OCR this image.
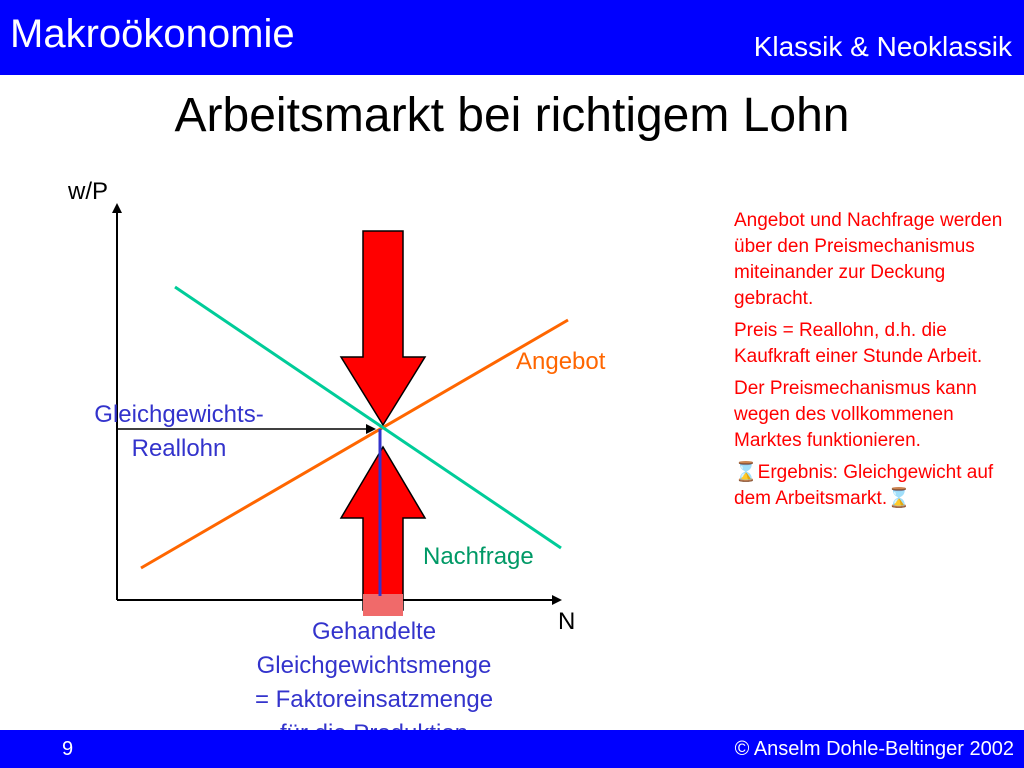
Makroökonomie	Klassik & Neoklassik
Arbeitsmarkt bei richtigem Lohn
w/P
N
Angebot
Nachfrage
Gleichgewichts-
Reallohn
Gehandelte
Gleichgewichtsmenge
= Faktoreinsatzmenge

Angebot und Nachfrage werden über den Preismechanismus miteinander zur Deckung gebracht.

Preis = Reallohn, d.h. die Kaufkraft einer Stunde Arbeit.

Der Preismechanismus kann wegen des vollkommenen Marktes funktionieren.

⌛Ergebnis: Gleichgewicht auf dem Arbeitsmarkt.⌛

9	© Anselm Dohle-Beltinger 2002
